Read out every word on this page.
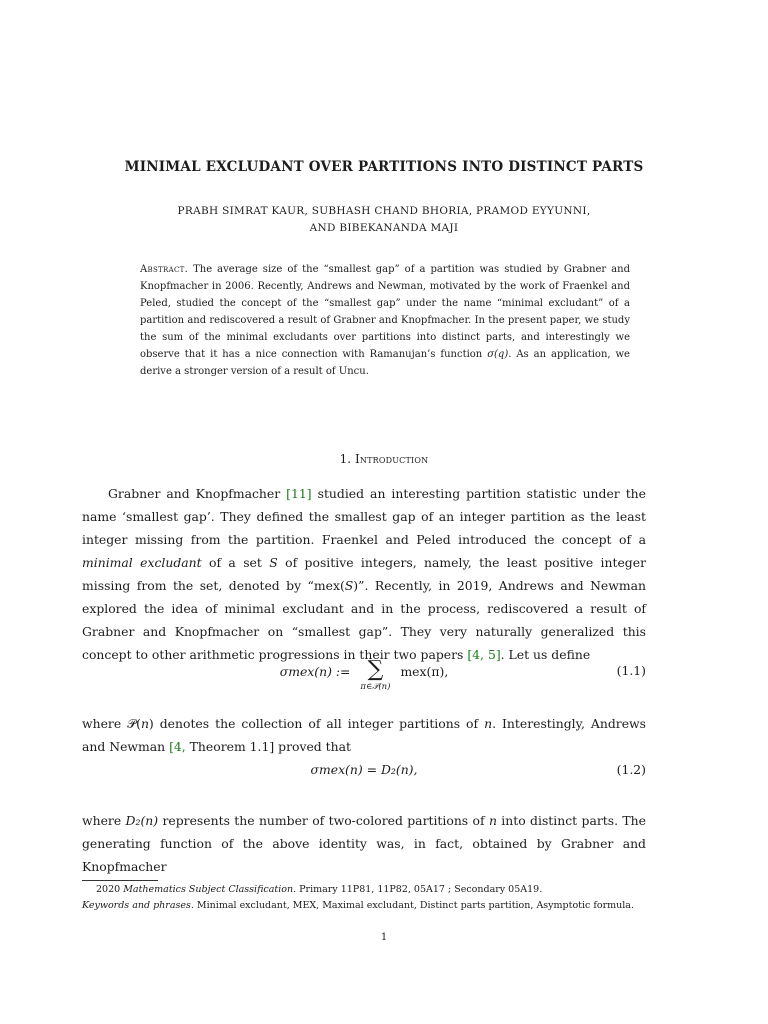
MINIMAL EXCLUDANT OVER PARTITIONS INTO DISTINCT PARTS
PRABH SIMRAT KAUR, SUBHASH CHAND BHORIA, PRAMOD EYYUNNI,
AND BIBEKANANDA MAJI
Abstract. The average size of the “smallest gap” of a partition was studied by Grabner and Knopfmacher in 2006. Recently, Andrews and Newman, motivated by the work of Fraenkel and Peled, studied the concept of the “smallest gap” under the name “minimal excludant” of a partition and rediscovered a result of Grabner and Knopfmacher. In the present paper, we study the sum of the minimal excludants over partitions into distinct parts, and interestingly we observe that it has a nice connection with Ramanujan’s function σ(q). As an application, we derive a stronger version of a result of Uncu.
1. Introduction
Grabner and Knopfmacher [11] studied an interesting partition statistic under the name ‘smallest gap’. They defined the smallest gap of an integer partition as the least integer missing from the partition. Fraenkel and Peled introduced the concept of a minimal excludant of a set S of positive integers, namely, the least positive integer missing from the set, denoted by “mex(S)”. Recently, in 2019, Andrews and Newman explored the idea of minimal excludant and in the process, rediscovered a result of Grabner and Knopfmacher on “smallest gap”. They very naturally generalized this concept to other arithmetic progressions in their two papers [4, 5]. Let us define
σmex(n) := ∑
π∈𝒫(n)
mex(π),	(1.1)
where 𝒫(n) denotes the collection of all integer partitions of n. Interestingly, Andrews and Newman [4, Theorem 1.1] proved that
σmex(n) = D₂(n),	(1.2)
where D₂(n) represents the number of two-colored partitions of n into distinct parts. The generating function of the above identity was, in fact, obtained by Grabner and Knopfmacher
2020 Mathematics Subject Classification. Primary 11P81, 11P82, 05A17 ; Secondary 05A19.
Keywords and phrases. Minimal excludant, MEX, Maximal excludant, Distinct parts partition, Asymptotic formula.
1
